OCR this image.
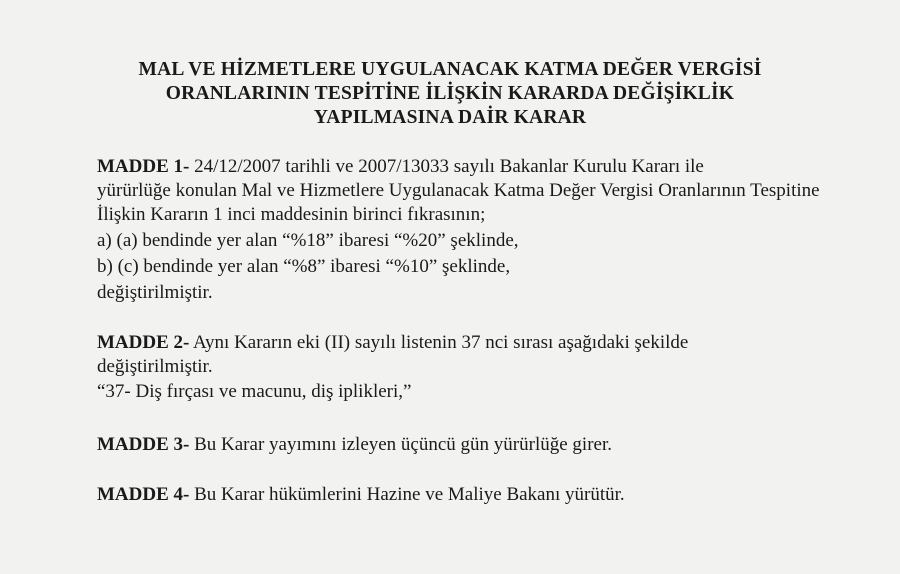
MAL VE HİZMETLERE UYGULANACAK KATMA DEĞER VERGİSİ
ORANLARININ TESPİTİNE İLİŞKİN KARARDA DEĞİŞİKLİK
YAPILMASINA DAİR KARAR
MADDE 1- 24/12/2007 tarihli ve 2007/13033 sayılı Bakanlar Kurulu Kararı ile
yürürlüğe konulan Mal ve Hizmetlere Uygulanacak Katma Değer Vergisi Oranlarının Tespitine
İlişkin Kararın 1 inci maddesinin birinci fıkrasının;
a) (a) bendinde yer alan “%18” ibaresi “%20” şeklinde,
b) (c) bendinde yer alan “%8” ibaresi “%10” şeklinde,
değiştirilmiştir.
MADDE 2- Aynı Kararın eki (II) sayılı listenin 37 nci sırası aşağıdaki şekilde
değiştirilmiştir.
“37- Diş fırçası ve macunu, diş iplikleri,”
MADDE 3- Bu Karar yayımını izleyen üçüncü gün yürürlüğe girer.
MADDE 4- Bu Karar hükümlerini Hazine ve Maliye Bakanı yürütür.
